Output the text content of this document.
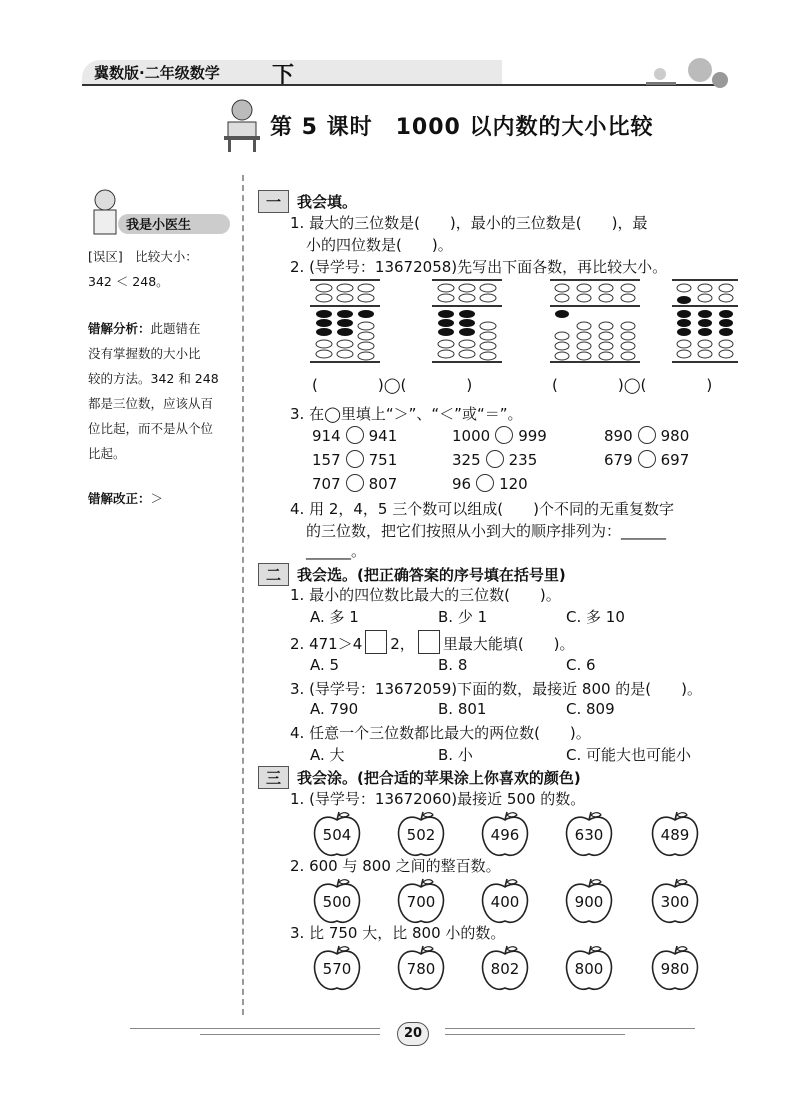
冀数版·二年级数学 下
第 5 课时　1000 以内数的大小比较
我是小医生
[误区]　比较大小：
342 ＜ 248。
错解分析：此题错在
没有掌握数的大小比
较的方法。342 和 248
都是三位数，应该从百
位比起，而不是从个位
比起。
错解改正：＞
一 我会填。
1. 最大的三位数是(　　)，最小的三位数是(　　)，最
小的四位数是(　　)。
2. (导学号：13672058)先写出下面各数，再比较大小。
(　　　　)◯(　　　　)	(　　　　)◯(　　　　)
3. 在◯里填上“＞”、“＜”或“＝”。
914 941	1000 999	890 980
157 751	325 235	679 697
707 807	96 120
4. 用 2，4，5 三个数可以组成(　　)个不同的无重复数字
的三位数，把它们按照从小到大的顺序排列为：______
______。
二 我会选。(把正确答案的序号填在括号里)
1. 最小的四位数比最大的三位数(　　)。
A. 多 1	B. 少 1	C. 多 10
2. 471＞4 2， 里最大能填(　　)。
A. 5	B. 8	C. 6
3. (导学号：13672059)下面的数，最接近 800 的是(　　)。
A. 790	B. 801	C. 809
4. 任意一个三位数都比最大的两位数(　　)。
A. 大	B. 小	C. 可能大也可能小
三 我会涂。(把合适的苹果涂上你喜欢的颜色)
1. (导学号：13672060)最接近 500 的数。
2. 600 与 800 之间的整百数。
3. 比 750 大，比 800 小的数。
504	502	496	630	489
500	700	400	900	300
570	780	802	800	980
20
